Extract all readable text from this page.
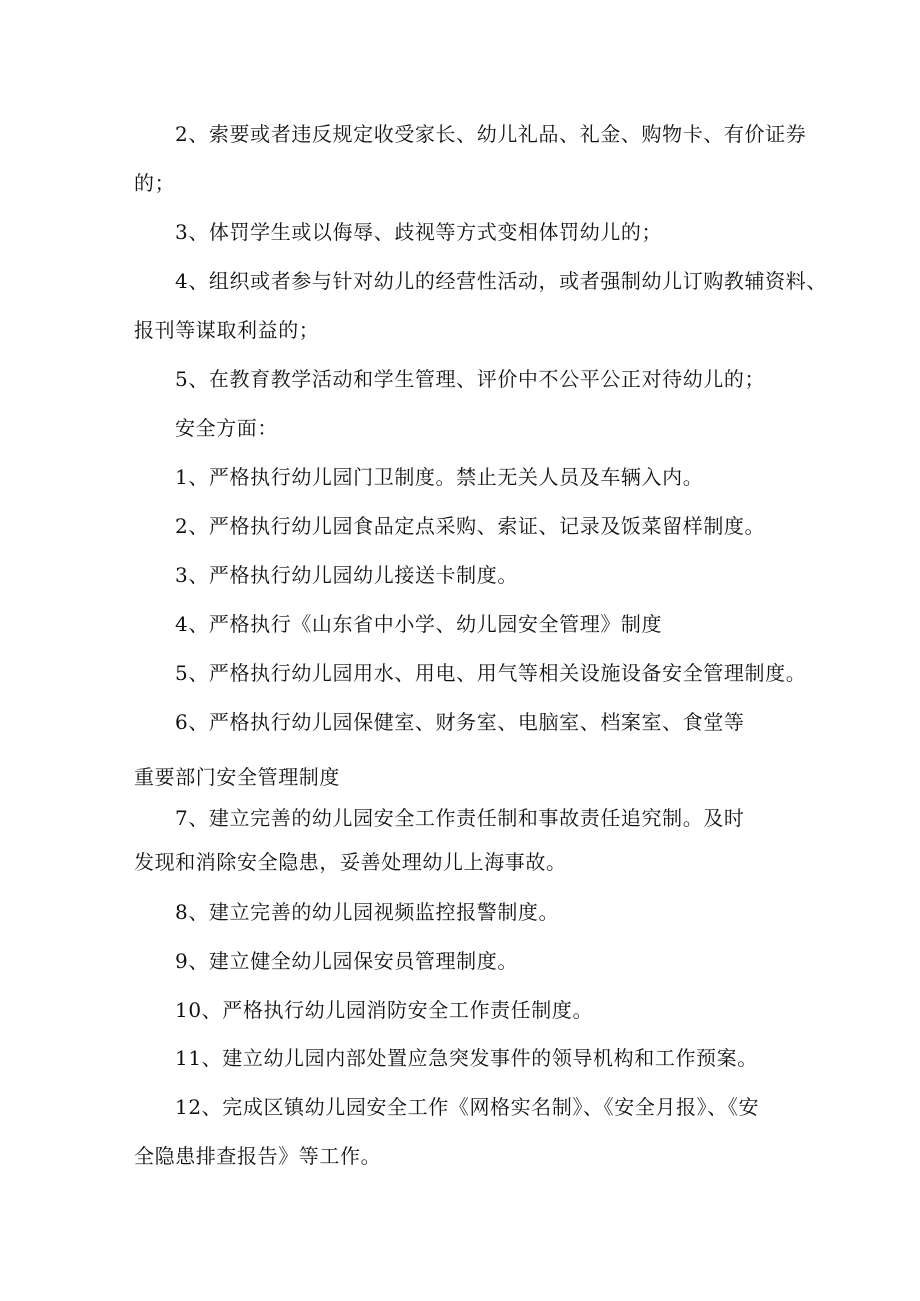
2、索要或者违反规定收受家长、幼儿礼品、礼金、购物卡、有价证券
的；
3、体罚学生或以侮辱、歧视等方式变相体罚幼儿的；
4、组织或者参与针对幼儿的经营性活动，或者强制幼儿订购教辅资料、
报刊等谋取利益的；
5、在教育教学活动和学生管理、评价中不公平公正对待幼儿的；
安全方面：
1、严格执行幼儿园门卫制度。禁止无关人员及车辆入内。
2、严格执行幼儿园食品定点采购、索证、记录及饭菜留样制度。
3、严格执行幼儿园幼儿接送卡制度。
4、严格执行《山东省中小学、幼儿园安全管理》制度
5、严格执行幼儿园用水、用电、用气等相关设施设备安全管理制度。
6、严格执行幼儿园保健室、财务室、电脑室、档案室、食堂等
重要部门安全管理制度
7、建立完善的幼儿园安全工作责任制和事故责任追究制。及时
发现和消除安全隐患，妥善处理幼儿上海事故。
8、建立完善的幼儿园视频监控报警制度。
9、建立健全幼儿园保安员管理制度。
10、严格执行幼儿园消防安全工作责任制度。
11、建立幼儿园内部处置应急突发事件的领导机构和工作预案。
12、完成区镇幼儿园安全工作《网格实名制》、《安全月报》、《安
全隐患排查报告》等工作。
